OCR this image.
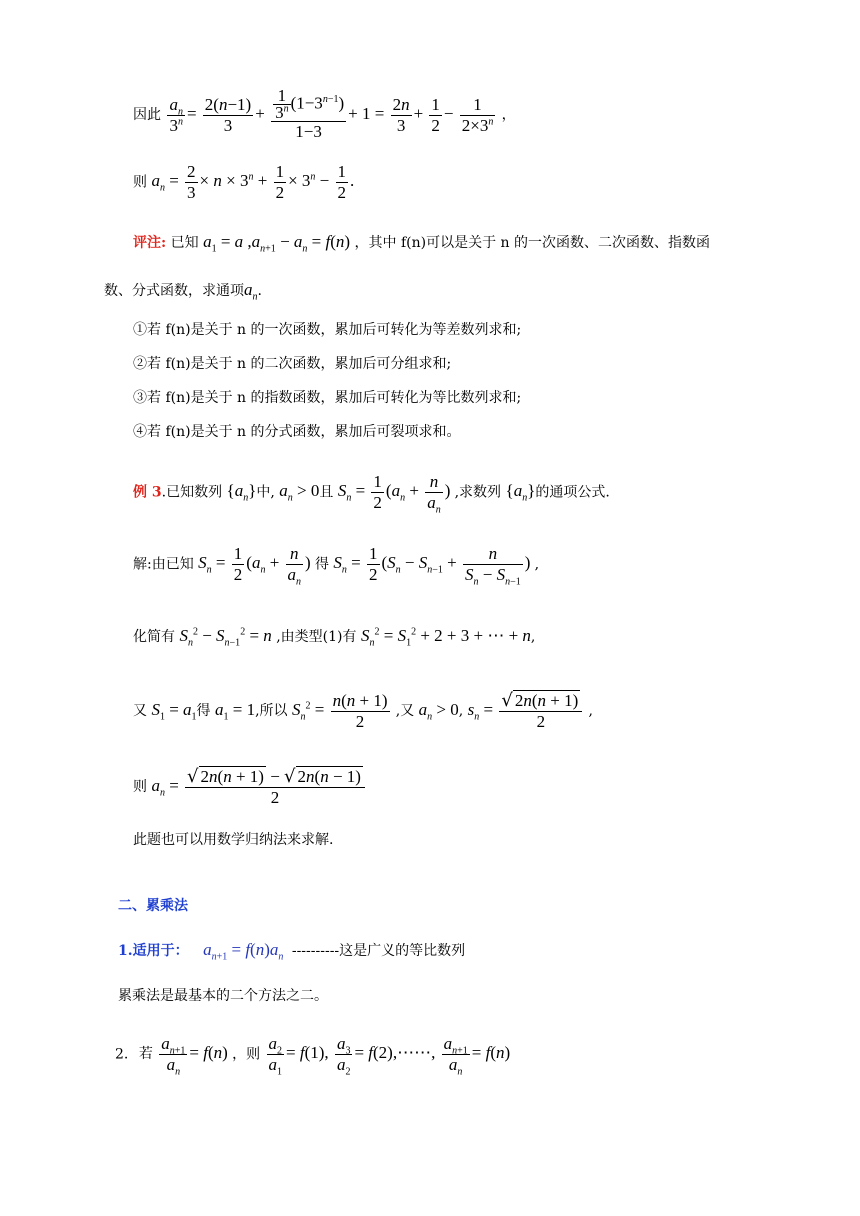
因此 $\frac{a_n}{3^n} = \frac{2(n-1)}{3} + \frac{\frac{1}{3^n} (1-3^{n-1})}{1-3} + 1 = \frac{2n}{3} + \frac{1}{2} - \frac{1}{2\times 3^n}$ ，
则 $a_n = \frac{2}{3} \times n \times 3^n + \frac{1}{2} \times 3^n - \frac{1}{2}$ .
评注: 已知 $a_1 = a$ $,a_{n+1} - a_n = f(n)$ ，其中 f(n)可以是关于 n 的一次函数、二次函数、指数函
数、分式函数，求通项$a_n$.
①若 f(n)是关于 n 的一次函数，累加后可转化为等差数列求和;
②若 f(n)是关于 n 的二次函数，累加后可分组求和;
③若 f(n)是关于 n 的指数函数，累加后可转化为等比数列求和;
④若 f(n)是关于 n 的分式函数，累加后可裂项求和。
例 3.已知数列 $\{a_n\}$中, $a_n > 0$且 $S_n = \frac{1}{2} (a_n + \frac{n}{a_n}$ ) ,求数列 $\{a_n\}$的通项公式.
解:由已知 $S_n = \frac{1}{2} (a_n + \frac{n}{a_n}$ ) 得 $S_n = \frac{1}{2} (S_n - S_{n-1} + \frac{n}{S_n - S_{n-1}}$ ) ,
化简有 $S_n^2 - S_{n-1}^2 = n$ ,由类型(1)有 $S_n^2 = S_1^2 + 2 + 3$ + ⋯ + n,
又 $S_1 = a_1$得 $a_1 = 1$,所以 $S_n^2 = \frac{n(n + 1)}{2}$ ,又 $a_n > 0$, $s_n = \frac{√ 2n(n + 1)}{2}$ ,
则 $a_n = \frac{√ 2n(n + 1) - √ 2n(n - 1)}{2}$
此题也可以用数学归纳法来求解.
二、累乘法
1.适用于： $a_{n+1} = f(n)a_n$ ----------这是广义的等比数列
累乘法是最基本的二个方法之二。
2. 若 $\frac{a_{n+1}}{a_n} = f(n)$ ，则 $\frac{a_2}{a_1} = f(1)$, $\frac{a_3}{a_2}$ = f(2),⋯⋯, $\frac{a_{n+1}}{a_n} = f(n)$
